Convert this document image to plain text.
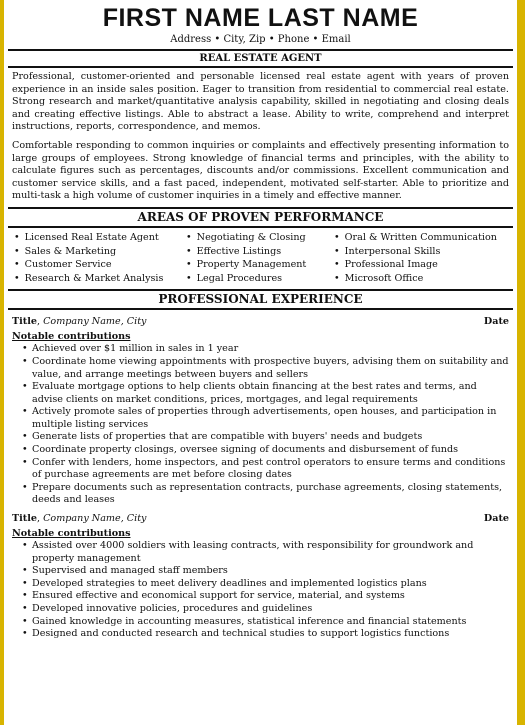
FIRST NAME LAST NAME
Address • City, Zip • Phone • Email
REAL ESTATE AGENT
Professional, customer-oriented and personable licensed real estate agent with years of proven experience in an inside sales position. Eager to transition from residential to commercial real estate. Strong research and market/quantitative analysis capability, skilled in negotiating and closing deals and creating effective listings. Able to abstract a lease. Ability to write, comprehend and interpret instructions, reports, correspondence, and memos.
Comfortable responding to common inquiries or complaints and effectively presenting information to large groups of employees. Strong knowledge of financial terms and principles, with the ability to calculate figures such as percentages, discounts and/or commissions. Excellent communication and customer service skills, and a fast paced, independent, motivated self-starter. Able to prioritize and multi-task a high volume of customer inquiries in a timely and effective manner.
AREAS OF PROVEN PERFORMANCE
• Licensed Real Estate Agent
• Sales & Marketing
• Customer Service
• Research & Market Analysis
• Negotiating & Closing
• Effective Listings
• Property Management
• Legal Procedures
• Oral & Written Communication
• Interpersonal Skills
• Professional Image
• Microsoft Office
PROFESSIONAL EXPERIENCE
Title, Company Name, City	Date
Notable contributions
• Achieved over $1 million in sales in 1 year
• Coordinate home viewing appointments with prospective buyers, advising them on suitability and value, and arrange meetings between buyers and sellers
• Evaluate mortgage options to help clients obtain financing at the best rates and terms, and advise clients on market conditions, prices, mortgages, and legal requirements
• Actively promote sales of properties through advertisements, open houses, and participation in multiple listing services
• Generate lists of properties that are compatible with buyers' needs and budgets
• Coordinate property closings, oversee signing of documents and disbursement of funds
• Confer with lenders, home inspectors, and pest control operators to ensure terms and conditions of purchase agreements are met before closing dates
• Prepare documents such as representation contracts, purchase agreements, closing statements, deeds and leases
Title, Company Name, City	Date
Notable contributions
• Assisted over 4000 soldiers with leasing contracts, with responsibility for groundwork and property management
• Supervised and managed staff members
• Developed strategies to meet delivery deadlines and implemented logistics plans
• Ensured effective and economical support for service, material, and systems
• Developed innovative policies, procedures and guidelines
• Gained knowledge in accounting measures, statistical inference and financial statements
• Designed and conducted research and technical studies to support logistics functions
